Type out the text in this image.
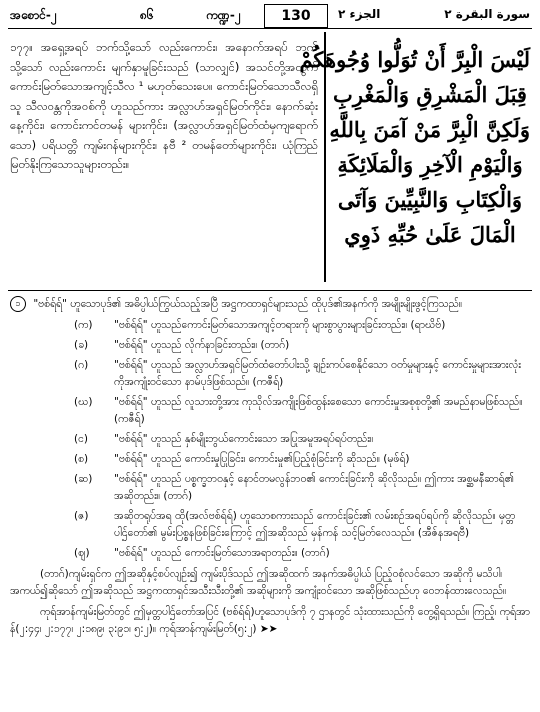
အစောင်-၂	၈၆	ကဏ္ဍ-၂	130	الجزء ٢	سورة البقرة ٢
၁၇၇။ အရှေ့အရပ် ဘက်သို့သော် လည်းကောင်း၊ အနောက်အရပ် ဘက်သို့သော် လည်းကောင်း မျက်နှာမူခြင်းသည် (သာလျှင်) အသင်တို့အတွက် ကောင်းမြတ်သောအကျင့်သီလ ¹ မဟုတ်သေးပေ။ ကောင်းမြတ်သောသီလရှိသူ သီလဝန္တကိုအဝစ်ကို ဟူသည်ကား အလ္လာဟ်အရှင်မြတ်ကိုင်း၊ နောက်ဆုံးနေ့ကိုင်း၊ ကောင်းကင်တမန် များကိုင်း၊ (အလ္လာဟ်အရှင်မြတ်ထံမှကျရောက်သော) ပရိယတ္တိ ကျမ်းဂန်များကိုင်း၊ နဗီ ² တမန်တော်များကိုင်း၊ ယုံကြည်မြတ်နိုးကြသောသူများတည်း။
لَيْسَ الْبِرَّ أَنْ تُوَلُّوا وُجُوهَكُمْ
قِبَلَ الْمَشْرِقِ وَالْمَغْرِبِ
وَلَكِنَّ الْبِرَّ مَنْ آمَنَ بِاللَّهِ
وَالْيَوْمِ الْآخِرِ وَالْمَلَائِكَةِ
وَالْكِتَابِ وَالنَّبِيِّينَ وَآتَى
الْمَالَ عَلَىٰ حُبِّهِ ذَوِي

၁ "ဗစ်ရ်ရ်" ဟူသောပုဒ်၏ အဓိပ္ပါယ်ကြွယ်သည့်အပြီ အဋ္ဌကထာရှင်များသည် ထိုပုဒ်၏အနက်ကို အမျိုးမျိုးဖွင့်ကြသည်။

(က)	"ဗစ်ရ်ရ်" ဟူသည်ကောင်းမြတ်သောအကျင့်တရားကို များစွာပွားများခြင်းတည်း။ (ရာဃိဗ်)
(ခ)	"ဗစ်ရ်ရ်" ဟူသည် လိုက်နာခြင်းတည်း။ (တာဂ်)
(ဂ)	"ဗစ်ရ်ရ်" ဟူသည် အလ္လာဟ်အရှင်မြတ်ထံတော်ပါးသို့ ချဉ်းကပ်စေနိုင်သော ဝတ်မှုများနှင့် ကောင်းမှုများအားလုံးကိုအကျုံးဝင်သော နာမ်ပုဒ်ဖြစ်သည်။ (ကဇီရ်)
(ဃ)	"ဗစ်ရ်ရ်" ဟူသည် လူသားတို့အား ကုသိုလ်အကျိုးဖြစ်ထွန်းစေသော ကောင်းမှုအစုစုတို့၏ အမည်နာမဖြစ်သည်။ (ကဇီရ်)
(င)	"ဗစ်ရ်ရ်" ဟူသည် နှစ်မျိုးဘွယ်ကောင်းသော အပြုအမူအရပ်ရပ်တည်း။
(စ)	"ဗစ်ရ်ရ်" ဟူသည် ကောင်းမှုပြုခြင်း၊ ကောင်းမှု၏ပြည့်စုံခြင်းကို ဆိုသည်။ (မုဖ်ရ်)
(ဆ)	"ဗစ်ရ်ရ်" ဟူသည် ပစ္စက္ခဘဝနှင့် နောင်တမလွန်ဘဝ၏ ကောင်းခြင်းကို ဆိုလိုသည်။ ဤကား အစ္ဆမနီဆာရ်၏ အဆိုတည်း။ (တာဂ်)
(ဇ)	အဆိုတရုပ်အရ ထို(အလ်ဗစ်ရ်ရ်) ဟူသောစကားသည် ကောင်းခြင်း၏ လမ်းစဉ်အရပ်ရပ်ကို ဆိုလိုသည်။ မှတ္တပါဌ်တော်၏ မွမ်းပြစ္စနဖြစ်ခြင်းကြောင့် ဤအဆိုသည် မှန်ကန် သင့်မြတ်လေသည်။ (အီဇ်နအရဗီ)
(ဈ)	"ဗစ်ရ်ရ်" ဟူသည် ကောင်းမြတ်သောအရာတည်း။ (တာဂ်)

(တာဂ်)ကျမ်းရှင်က ဤအဆိုနှင့်စပ်လျဉ်း၍ ကျမ်းပိုဒ်သည် ဤအဆိုထက် အနက်အဓိပ္ပါယ် ပြည့်ဝစုံလင်သော အဆိုကို မသိပါ၊ အကယ်၍ဆိုသော် ဤအဆိုသည် အဋ္ဌကထာရှင်အသီးသီးတို့၏ အဆိုများကို အကျုံးဝင်သော အဆိုဖြစ်သည်ဟု ဝေဘန်ထားလေသည်။

ကုရ်အာန်ကျမ်းမြတ်တွင် ဤမှတ္တပါဌ်တော်အပြင် (ဗစ်ရ်ရ်)ဟူသောပုဒ်ကို ၇ ဌာနတွင် သုံးထားသည်ကို တွေ့ရှိရသည်။ ကြည့်၊ ကုရ်အာန်(၂:၄၄၊ ၂:၁၇၇၊ ၂:၁၈၉၊ ၃:၉၁၊ ၅:၂)။ ကုရ်အာန်ကျမ်းမြတ်(၅:၂) ➤➤
